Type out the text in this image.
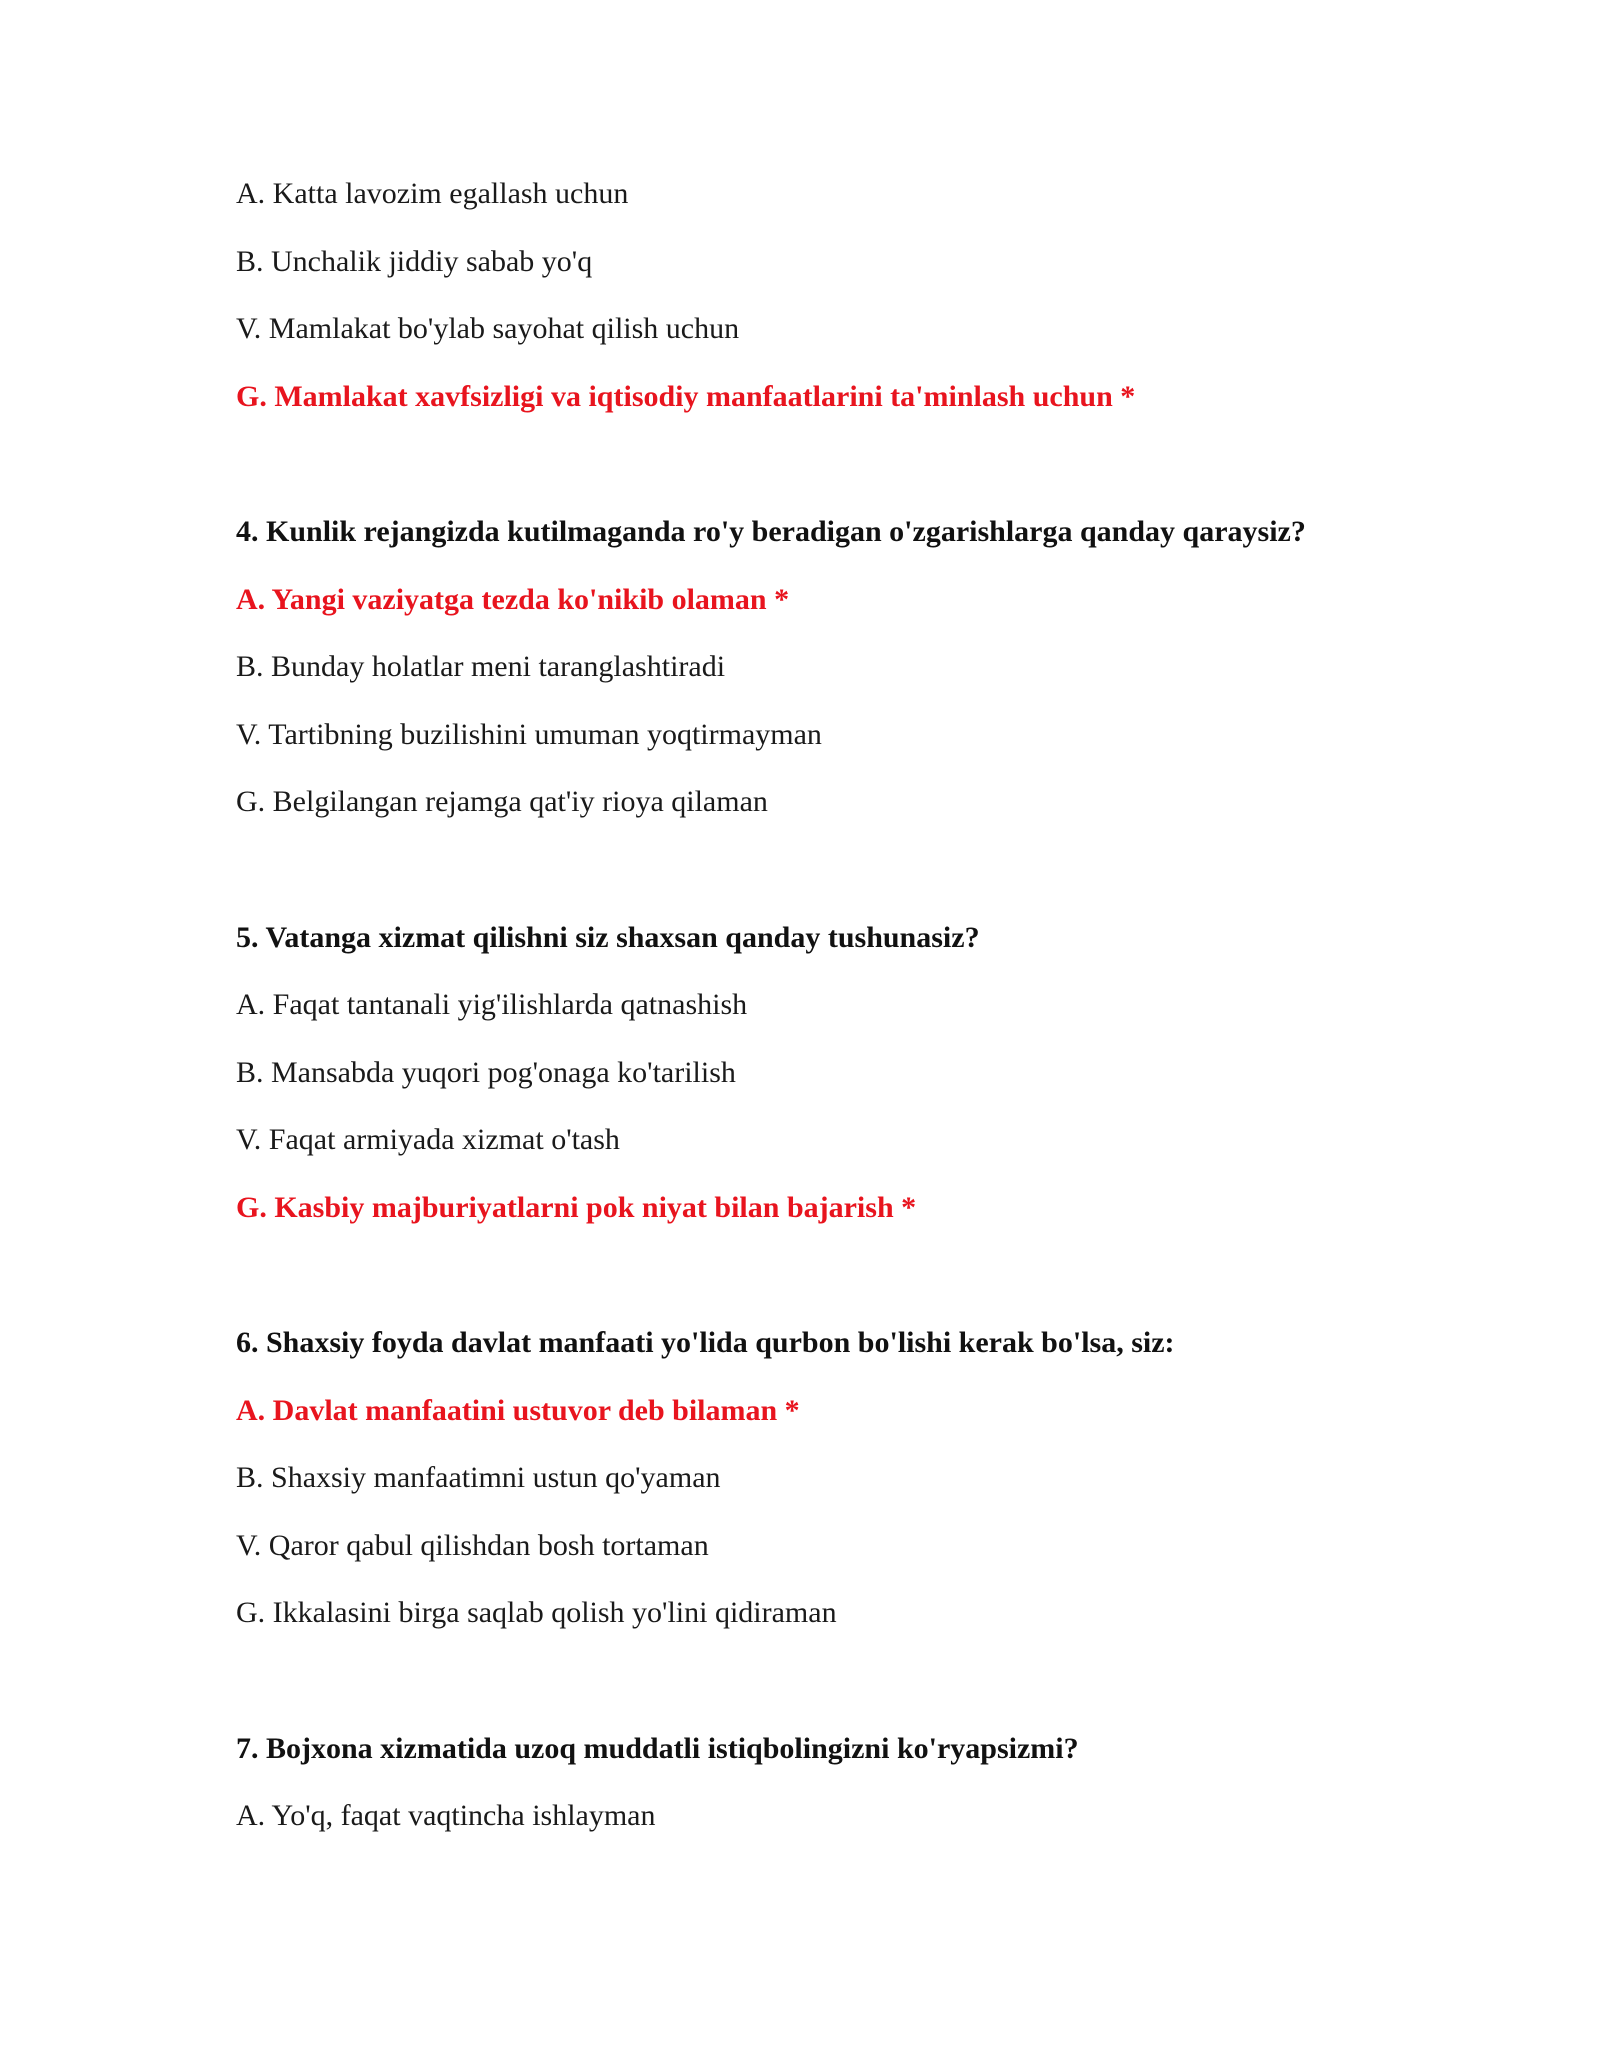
A. Katta lavozim egallash uchun
B. Unchalik jiddiy sabab yo'q
V. Mamlakat bo'ylab sayohat qilish uchun
G. Mamlakat xavfsizligi va iqtisodiy manfaatlarini ta'minlash uchun *
4. Kunlik rejangizda kutilmaganda ro'y beradigan o'zgarishlarga qanday qaraysiz?
A. Yangi vaziyatga tezda ko'nikib olaman *
B. Bunday holatlar meni taranglashtiradi
V. Tartibning buzilishini umuman yoqtirmayman
G. Belgilangan rejamga qat'iy rioya qilaman
5. Vatanga xizmat qilishni siz shaxsan qanday tushunasiz?
A. Faqat tantanali yig'ilishlarda qatnashish
B. Mansabda yuqori pog'onaga ko'tarilish
V. Faqat armiyada xizmat o'tash
G. Kasbiy majburiyatlarni pok niyat bilan bajarish *
6. Shaxsiy foyda davlat manfaati yo'lida qurbon bo'lishi kerak bo'lsa, siz:
A. Davlat manfaatini ustuvor deb bilaman *
B. Shaxsiy manfaatimni ustun qo'yaman
V. Qaror qabul qilishdan bosh tortaman
G. Ikkalasini birga saqlab qolish yo'lini qidiraman
7. Bojxona xizmatida uzoq muddatli istiqbolingizni ko'ryapsizmi?
A. Yo'q, faqat vaqtincha ishlayman
